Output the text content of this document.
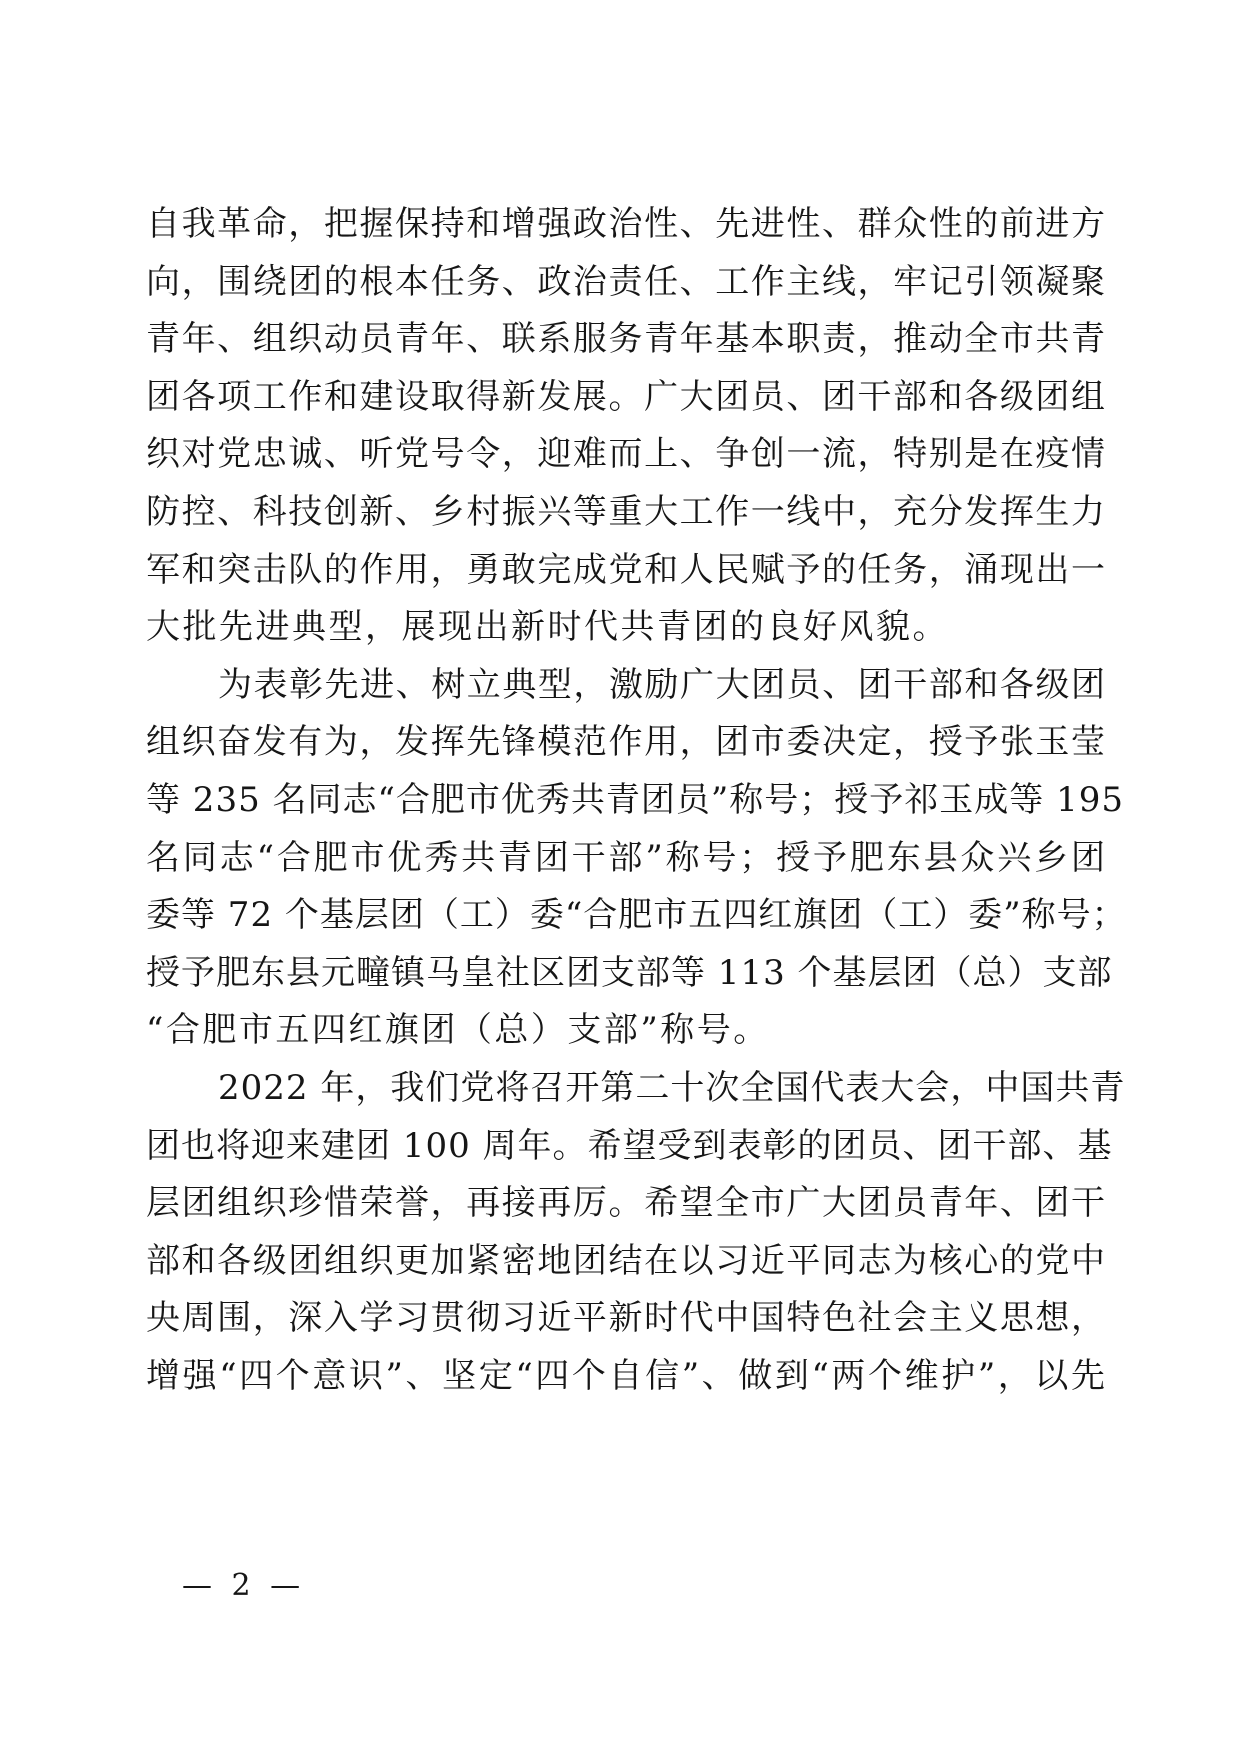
自我革命，把握保持和增强政治性、先进性、群众性的前进方
向，围绕团的根本任务、政治责任、工作主线，牢记引领凝聚
青年、组织动员青年、联系服务青年基本职责，推动全市共青
团各项工作和建设取得新发展。广大团员、团干部和各级团组
织对党忠诚、听党号令，迎难而上、争创一流，特别是在疫情
防控、科技创新、乡村振兴等重大工作一线中，充分发挥生力
军和突击队的作用，勇敢完成党和人民赋予的任务，涌现出一
大批先进典型，展现出新时代共青团的良好风貌。
为表彰先进、树立典型，激励广大团员、团干部和各级团
组织奋发有为，发挥先锋模范作用，团市委决定，授予张玉莹
等 235 名同志“合肥市优秀共青团员”称号；授予祁玉成等 195
名同志“合肥市优秀共青团干部”称号；授予肥东县众兴乡团
委等 72 个基层团（工）委“合肥市五四红旗团（工）委”称号；
授予肥东县元疃镇马皇社区团支部等 113 个基层团（总）支部
“合肥市五四红旗团（总）支部”称号。
2022 年，我们党将召开第二十次全国代表大会，中国共青
团也将迎来建团 100 周年。希望受到表彰的团员、团干部、基
层团组织珍惜荣誉，再接再厉。希望全市广大团员青年、团干
部和各级团组织更加紧密地团结在以习近平同志为核心的党中
央周围，深入学习贯彻习近平新时代中国特色社会主义思想，
增强“四个意识”、坚定“四个自信”、做到“两个维护”，以先
— 2 —
